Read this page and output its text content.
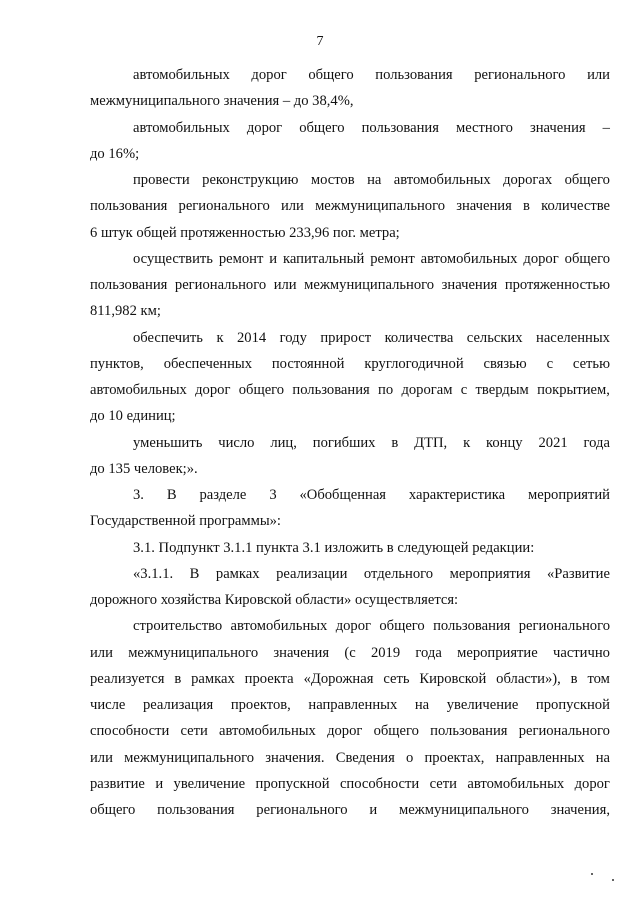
7
автомобильных дорог общего пользования регионального или
межмуниципального значения – до 38,4%,
автомобильных дорог общего пользования местного значения –
до 16%;
провести реконструкцию мостов на автомобильных дорогах общего
пользования регионального или межмуниципального значения в количестве
6 штук общей протяженностью 233,96 пог. метра;
осуществить ремонт и капитальный ремонт автомобильных дорог общего
пользования регионального или межмуниципального значения протяженностью
811,982 км;
обеспечить к 2014 году прирост количества сельских населенных
пунктов, обеспеченных постоянной круглогодичной связью с сетью
автомобильных дорог общего пользования по дорогам с твердым покрытием,
до 10 единиц;
уменьшить число лиц, погибших в ДТП, к концу 2021 года
до 135 человек;».
3. В разделе 3 «Обобщенная характеристика мероприятий
Государственной программы»:
3.1. Подпункт 3.1.1 пункта 3.1 изложить в следующей редакции:
«3.1.1. В рамках реализации отдельного мероприятия «Развитие
дорожного хозяйства Кировской области» осуществляется:
строительство автомобильных дорог общего пользования регионального
или межмуниципального значения (с 2019 года мероприятие частично
реализуется в рамках проекта «Дорожная сеть Кировской области»), в том
числе реализация проектов, направленных на увеличение пропускной
способности сети автомобильных дорог общего пользования регионального
или межмуниципального значения. Сведения о проектах, направленных на
развитие и увеличение пропускной способности сети автомобильных дорог
общего пользования регионального и межмуниципального значения,
